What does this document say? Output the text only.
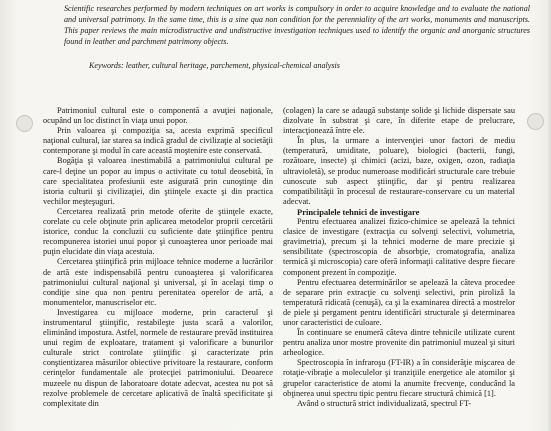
Scientific researches performed by modern techniques on art works is compulsory in order to acquire knowledge and to evaluate the national and universal patrimony. In the same time, this is a sine qua non condition for the perenniality of the art works, monuments and manuscripts. This paper reviews the main microdistructive and undistructive investigation techniques used to identify the organic and anorganic structures found in leather and parchment patrimony objects.

Keywords: leather, cultural heritage, parchement, physical-chemical analysis

Patrimoniul cultural este o componentă a avuţiei naţionale, ocupând un loc distinct în viaţa unui popor.

Prin valoarea şi compoziţia sa, acesta exprimă specificul naţional cultural, iar starea sa indică gradul de civilizaţie al societăţii contemporane şi modul în care această moştenire este conservată.

Bogăţia şi valoarea inestimabilă a patrimoniului cultural pe care-l deţine un popor au impus o activitate cu totul deosebită, în care specialitatea profesiunii este asigurată prin cunoştinţe din istoria culturii şi civilizaţiei, din ştiinţele exacte şi din practica vechilor meşteşuguri.

Cercetarea realizată prin metode oferite de ştiinţele exacte, corelate cu cele obţinute prin aplicarea metodelor proprii cercetării istorice, conduc la concluzii cu suficiente date ştiinţifice pentru recompunerea istoriei unui popor şi cunoaşterea unor perioade mai puţin elucidate din viaţa acestuia.

Cercetarea ştiinţifică prin mijloace tehnice moderne a lucrărilor de artă este indispensabilă pentru cunoaşterea şi valorificarea patrimoniului cultural naţional şi universal, şi în acelaşi timp o condiţie sine qua non pentru perenitatea operelor de artă, a monumentelor, manuscriselor etc.

Investigarea cu mijloace moderne, prin caracterul şi instrumentarul ştiinţific, restabileşte justa scară a valorilor, eliminând impostura. Astfel, normele de restaurare prevăd instituirea unui regim de exploatare, tratament şi valorificare a bunurilor culturale strict controlate ştiinţific şi caracterizate prin conştientizarea măsurilor obiective privitoare la restaurare, conform cerinţelor fundamentale ale protecţiei patrimoniului. Deoarece muzeele nu dispun de laboratoare dotate adecvat, acestea nu pot să rezolve problemele de cercetare aplicativă de înaltă specificitate şi complexitate din

(colagen) la care se adaugă substanţe solide şi lichide dispersate sau dizolvate în substrat şi care, în diferite etape de prelucrare, interacţionează între ele.

În plus, la urmare a intervenţiei unor factori de mediu (temperatură, umiditate, poluare), biologici (bacterii, fungi, rozătoare, insecte) şi chimici (acizi, baze, oxigen, ozon, radiaţia ultravioletă), se produc numeroase modificări structurale care trebuie cunoscute sub aspect ştiinţific, dar şi pentru realizarea compatibilităţii în procesul de restaurare-conservare cu un material adecvat.

Principalele tehnici de investigare

Pentru efectuarea analizei fizico-chimice se apelează la tehnici clasice de investigare (extracţia cu solvenţi selectivi, volumetria, gravimetria), precum şi la tehnici moderne de mare precizie şi sensibilitate (spectroscopia de absorbţie, cromatografia, analiza termică şi microscopia) care oferă informaţii calitative despre fiecare component prezent în compoziţie.

Pentru efectuarea determinărilor se apelează la câteva procedee de separare prin extracţie cu solvenţi selectivi, prin pirolizǎ la temperatură ridicată (cenuşă), ca şi la examinarea directă a mostrelor de piele şi pergament pentru identificări structurale şi determinarea unor caracteristici de culoare.

În continuare se enumeră câteva dintre tehnicile utilizate curent pentru analiza unor mostre provenite din patrimoniul muzeal şi situri arheologice.

Spectroscopia în infraroşu (FT-IR) a în considerăţie mişcarea de rotaţie-vibraţie a moleculelor şi tranziţiile energetice ale atomilor şi grupelor caracteristice de atomi la anumite frecvenţe, conducând la obţinerea unui spectru tipic pentru fiecare structură chimică [1].

Având o structură strict individualizată, spectrul FT-
